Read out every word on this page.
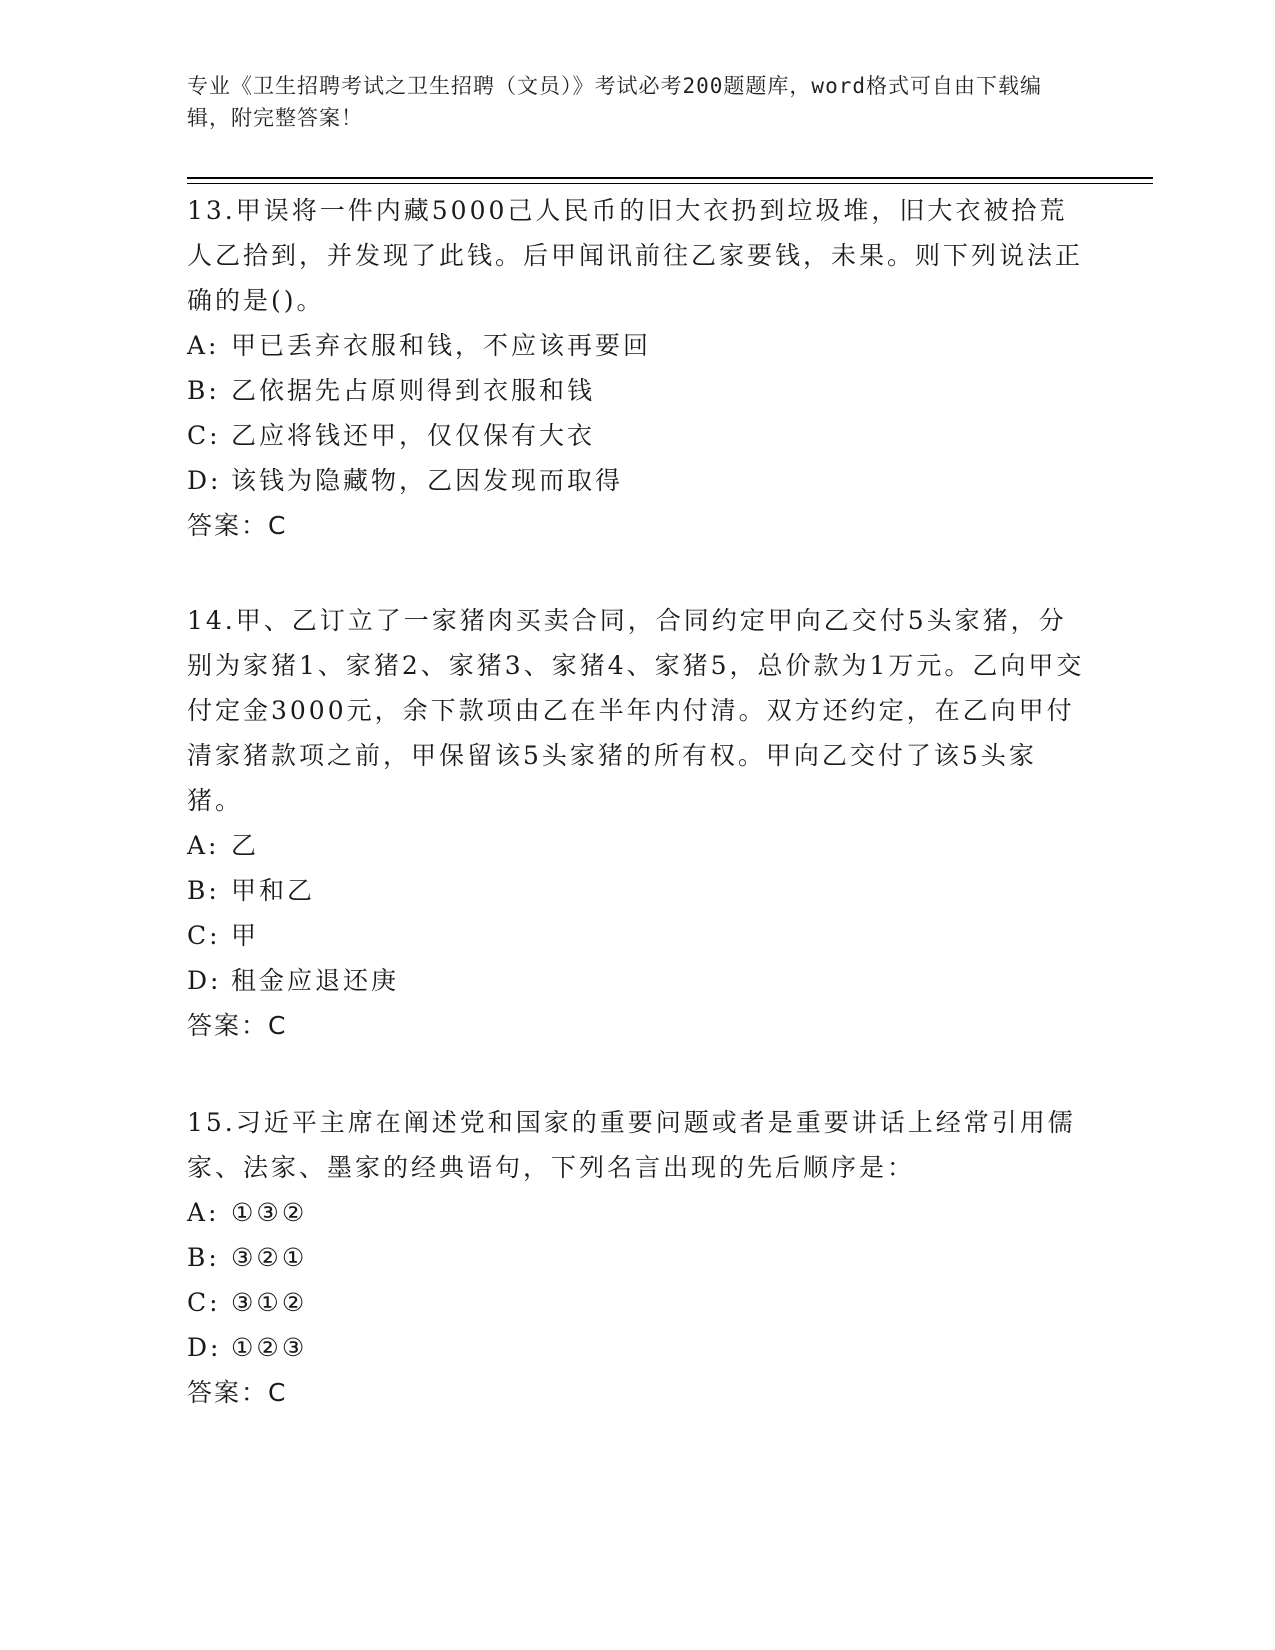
专业《卫生招聘考试之卫生招聘（文员）》考试必考200题题库，word格式可自由下载编辑，附完整答案！

13.甲误将一件内藏5000己人民币的旧大衣扔到垃圾堆，旧大衣被拾荒人乙拾到，并发现了此钱。后甲闻讯前往乙家要钱，未果。则下列说法正确的是()。

A: 甲已丢弃衣服和钱，不应该再要回

B: 乙依据先占原则得到衣服和钱

C: 乙应将钱还甲，仅仅保有大衣

D: 该钱为隐藏物，乙因发现而取得

答案：C

14.甲、乙订立了一家猪肉买卖合同，合同约定甲向乙交付5头家猪，分别为家猪1、家猪2、家猪3、家猪4、家猪5，总价款为1万元。乙向甲交付定金3000元，余下款项由乙在半年内付清。双方还约定，在乙向甲付清家猪款项之前，甲保留该5头家猪的所有权。甲向乙交付了该5头家猪。

A: 乙

B: 甲和乙

C: 甲

D: 租金应退还庚

答案：C

15.习近平主席在阐述党和国家的重要问题或者是重要讲话上经常引用儒家、法家、墨家的经典语句，下列名言出现的先后顺序是：

A: ①③②

B: ③②①

C: ③①②

D: ①②③

答案：C
